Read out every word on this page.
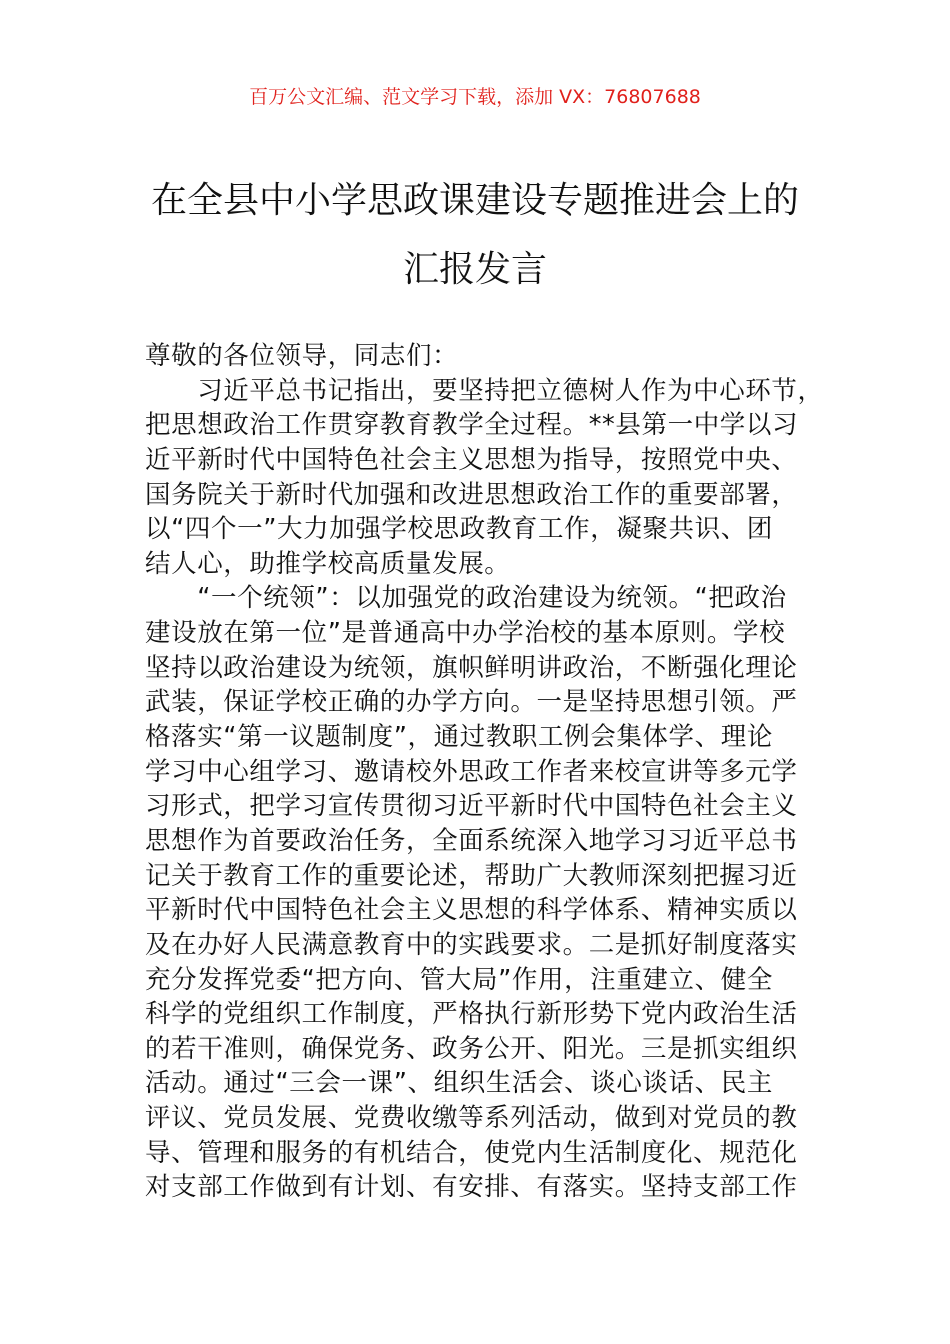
百万公文汇编、范文学习下载，添加 VX：76807688
在全县中小学思政课建设专题推进会上的
汇报发言
尊敬的各位领导，同志们：
　　习近平总书记指出，要坚持把立德树人作为中心环节，
把思想政治工作贯穿教育教学全过程。**县第一中学以习
近平新时代中国特色社会主义思想为指导，按照党中央、
国务院关于新时代加强和改进思想政治工作的重要部署，
以“四个一”大力加强学校思政教育工作，凝聚共识、团
结人心，助推学校高质量发展。
　　“一个统领”：以加强党的政治建设为统领。“把政治
建设放在第一位”是普通高中办学治校的基本原则。学校
坚持以政治建设为统领，旗帜鲜明讲政治，不断强化理论
武装，保证学校正确的办学方向。一是坚持思想引领。严
格落实“第一议题制度”，通过教职工例会集体学、理论
学习中心组学习、邀请校外思政工作者来校宣讲等多元学
习形式，把学习宣传贯彻习近平新时代中国特色社会主义
思想作为首要政治任务，全面系统深入地学习习近平总书
记关于教育工作的重要论述，帮助广大教师深刻把握习近
平新时代中国特色社会主义思想的科学体系、精神实质以
及在办好人民满意教育中的实践要求。二是抓好制度落实
充分发挥党委“把方向、管大局”作用，注重建立、健全
科学的党组织工作制度，严格执行新形势下党内政治生活
的若干准则，确保党务、政务公开、阳光。三是抓实组织
活动。通过“三会一课”、组织生活会、谈心谈话、民主
评议、党员发展、党费收缴等系列活动，做到对党员的教
导、管理和服务的有机结合，使党内生活制度化、规范化
对支部工作做到有计划、有安排、有落实。坚持支部工作
